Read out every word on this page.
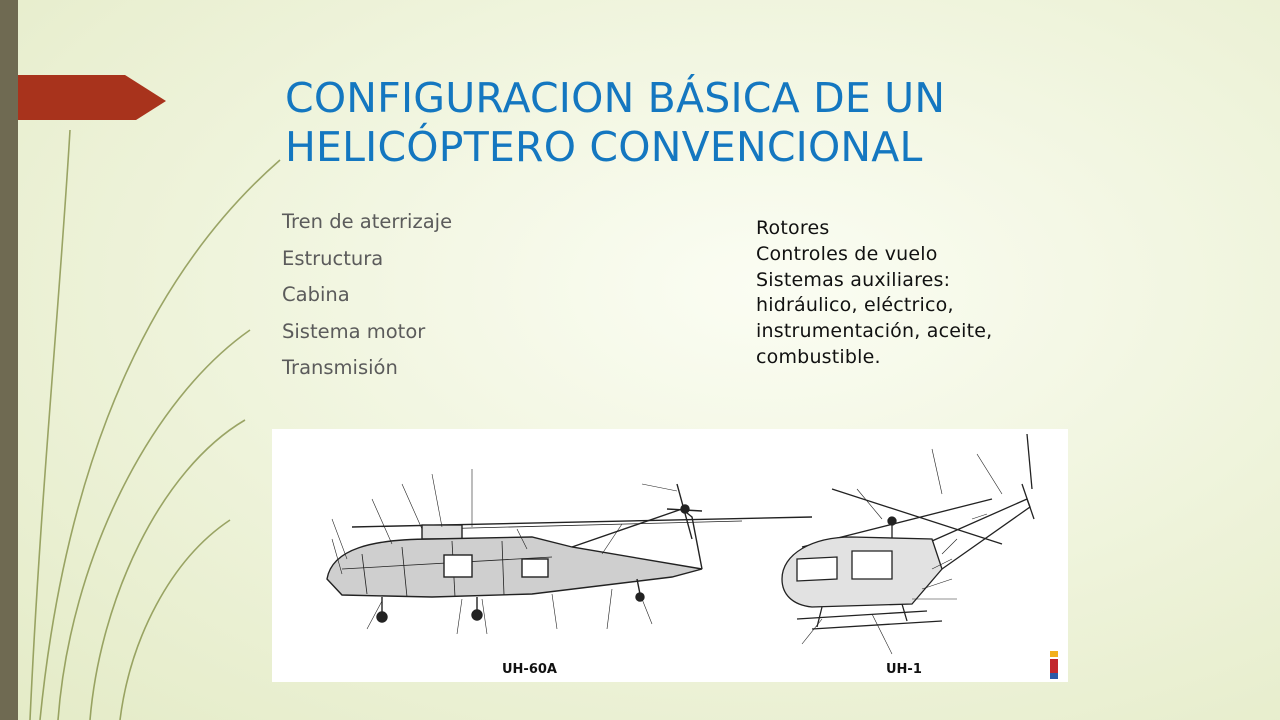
CONFIGURACION BÁSICA DE UN
HELICÓPTERO CONVENCIONAL
Tren de aterrizaje
Estructura
Cabina
Sistema motor
Transmisión
Rotores
Controles de vuelo
Sistemas auxiliares:
hidráulico, eléctrico,
instrumentación, aceite,
combustible.
UH-60A	UH-1
